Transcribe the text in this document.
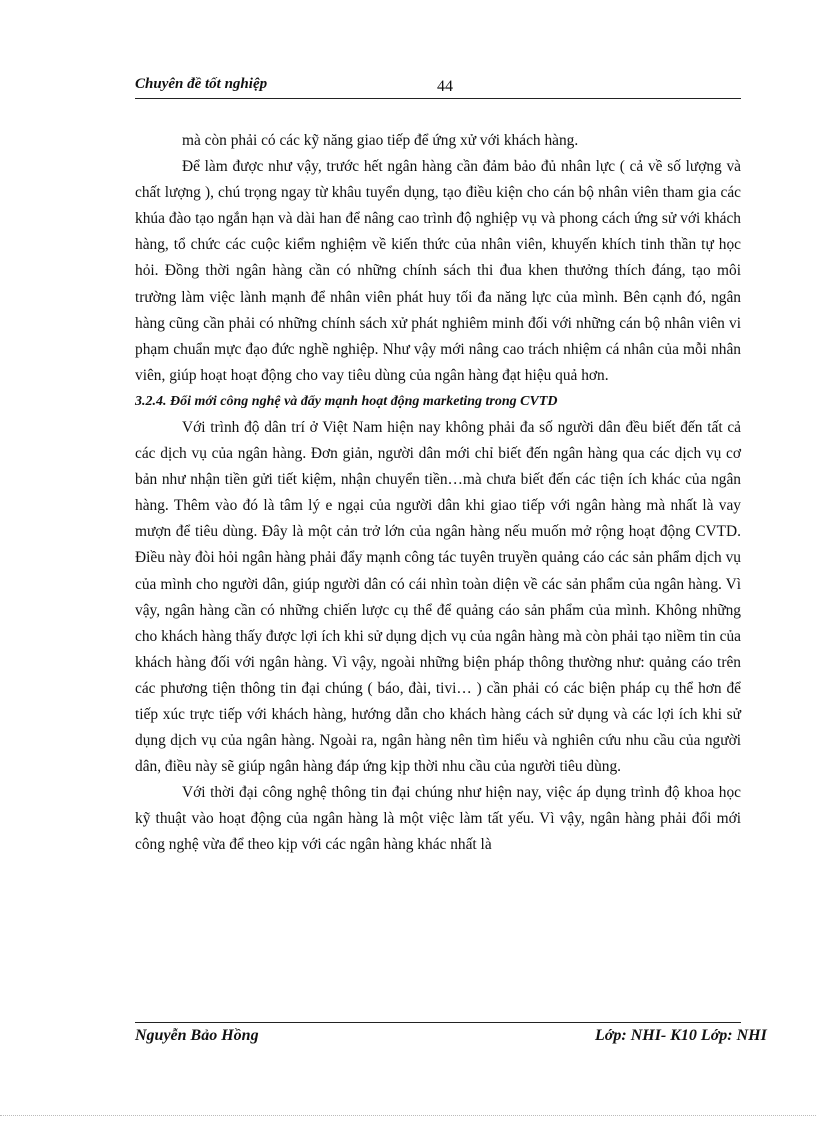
Chuyên đề tốt nghiệp	44

mà còn phải có các kỹ năng giao tiếp để ứng xử với khách hàng.

Để làm được như vậy, trước hết ngân hàng cần đảm bảo đủ nhân lực ( cả về số lượng và chất lượng ), chú trọng ngay từ khâu tuyển dụng, tạo điều kiện cho cán bộ nhân viên tham gia các khúa đào tạo ngắn hạn và dài han để nâng cao trình độ nghiệp vụ và phong cách ứng sử với khách hàng, tổ chức các cuộc kiểm nghiệm về kiến thức của nhân viên, khuyến khích tinh thần tự học hỏi. Đồng thời ngân hàng cần có những chính sách thi đua khen thưởng thích đáng, tạo môi trường làm việc lành mạnh để nhân viên phát huy tối đa năng lực của mình. Bên cạnh đó, ngân hàng cũng cần phải có những chính sách xử phát nghiêm minh đối với những cán bộ nhân viên vi phạm chuẩn mực đạo đức nghề nghiệp. Như vậy mới nâng cao trách nhiệm cá nhân của mỗi nhân viên, giúp hoạt hoạt động cho vay tiêu dùng của ngân hàng đạt hiệu quả hơn.

3.2.4. Đổi mới công nghệ và đẩy mạnh hoạt động marketing trong CVTD

Với trình độ dân trí ở Việt Nam hiện nay không phải đa số người dân đều biết đến tất cả các dịch vụ của ngân hàng. Đơn giản, người dân mới chỉ biết đến ngân hàng qua các dịch vụ cơ bản như nhận tiền gửi tiết kiệm, nhận chuyển tiền…mà chưa biết đến các tiện ích khác của ngân hàng. Thêm vào đó là tâm lý e ngại của người dân khi giao tiếp với ngân hàng mà nhất là vay mượn để tiêu dùng. Đây là một cản trở lớn của ngân hàng nếu muốn mở rộng hoạt động CVTD. Điều này đòi hỏi ngân hàng phải đẩy mạnh công tác tuyên truyền quảng cáo các sản phẩm dịch vụ của mình cho người dân, giúp người dân có cái nhìn toàn diện về các sản phẩm của ngân hàng. Vì vậy, ngân hàng cần có những chiến lược cụ thể để quảng cáo sản phẩm của mình. Không những cho khách hàng thấy được lợi ích khi sử dụng dịch vụ của ngân hàng mà còn phải tạo niềm tin của khách hàng đối với ngân hàng. Vì vậy, ngoài những biện pháp thông thường như: quảng cáo trên các phương tiện thông tin đại chúng ( báo, đài, tivi… ) cần phải có các biện pháp cụ thể hơn để tiếp xúc trực tiếp với khách hàng, hướng dẫn cho khách hàng cách sử dụng và các lợi ích khi sử dụng dịch vụ của ngân hàng. Ngoài ra, ngân hàng nên tìm hiểu và nghiên cứu nhu cầu của người dân, điều này sẽ giúp ngân hàng đáp ứng kịp thời nhu cầu của người tiêu dùng.

Với thời đại công nghệ thông tin đại chúng như hiện nay, việc áp dụng trình độ khoa học kỹ thuật vào hoạt động của ngân hàng là một việc làm tất yếu. Vì vậy, ngân hàng phải đổi mới công nghệ vừa để theo kịp với các ngân hàng khác nhất là

Nguyễn Bảo Hồng	Lớp: NHI- K10 Lớp: NHI
